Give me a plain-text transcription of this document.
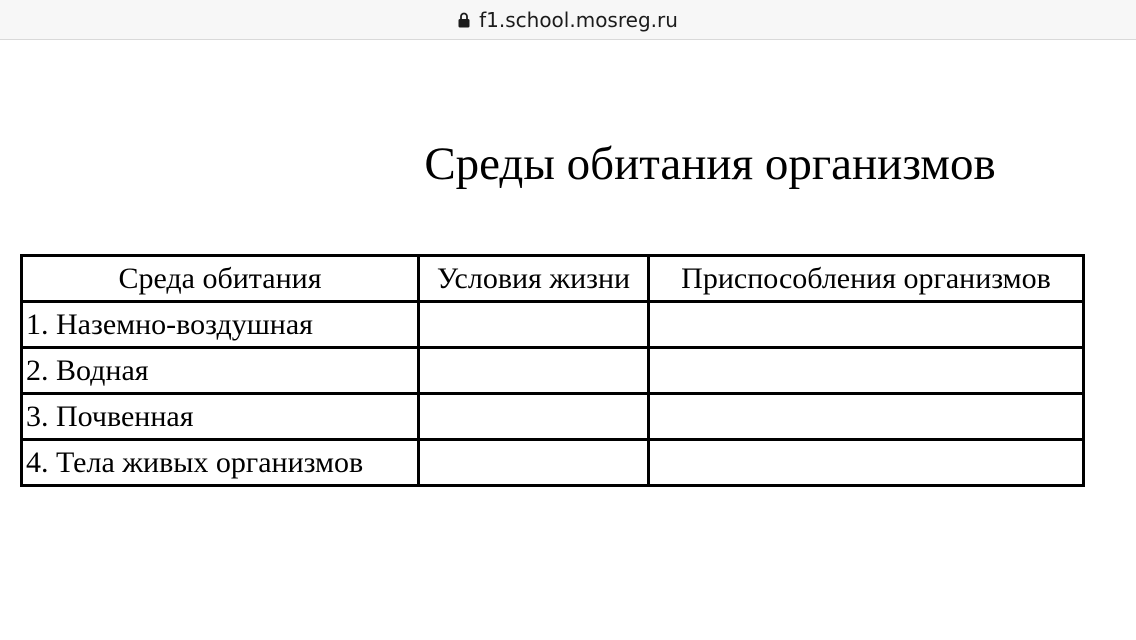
f1.school.mosreg.ru
Среды обитания организмов
Среда обитания	Условия жизни	Приспособления организмов
1. Наземно-воздушная		
2. Водная		
3. Почвенная		
4. Тела живых организмов		
